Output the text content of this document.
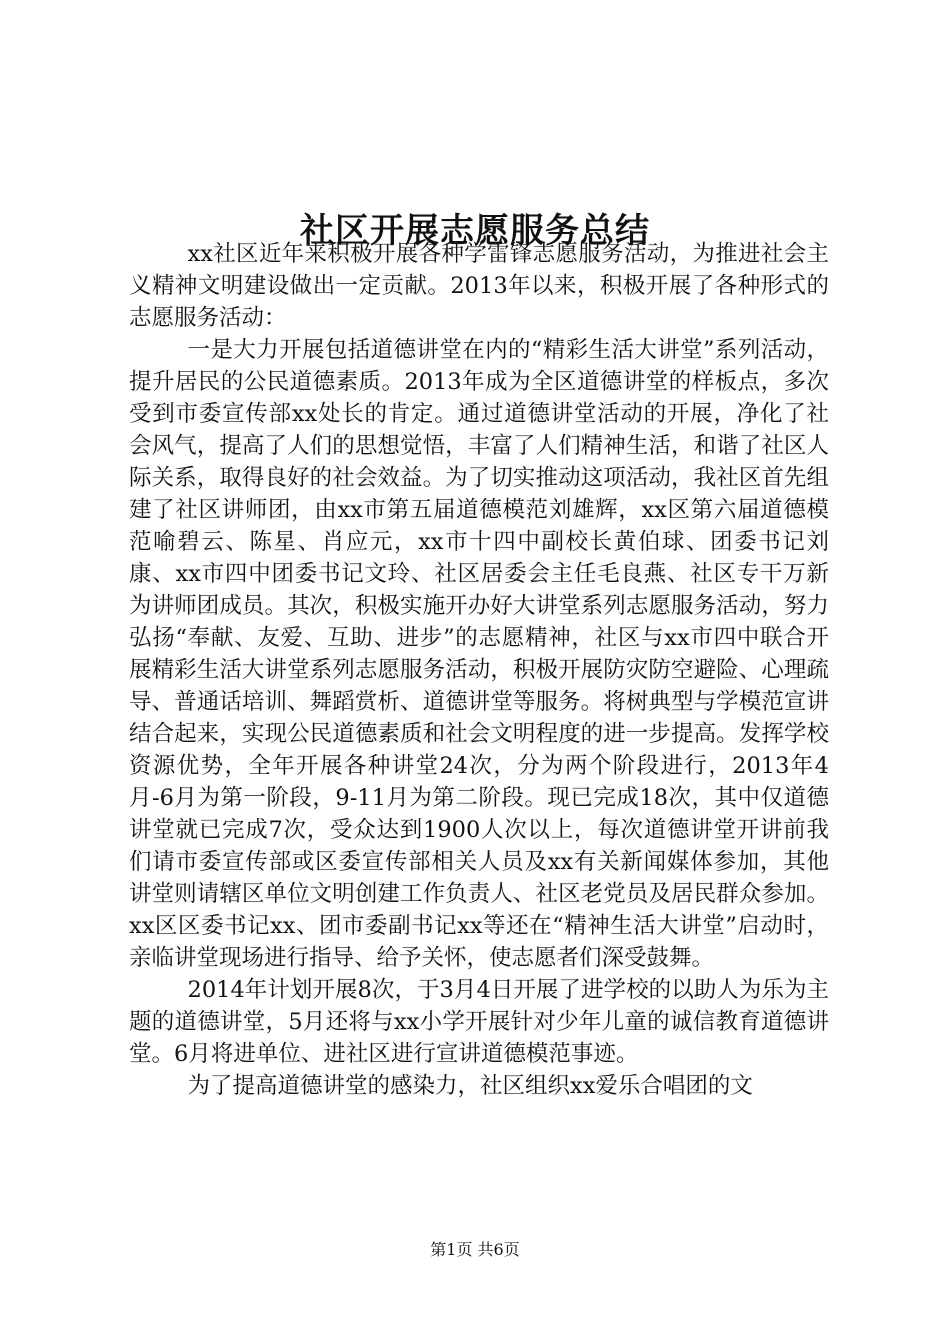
社区开展志愿服务总结

xx社区近年来积极开展各种学雷锋志愿服务活动，为推进社会主义精神文明建设做出一定贡献。2013年以来，积极开展了各种形式的志愿服务活动：

一是大力开展包括道德讲堂在内的“精彩生活大讲堂”系列活动，提升居民的公民道德素质。2013年成为全区道德讲堂的样板点，多次受到市委宣传部xx处长的肯定。通过道德讲堂活动的开展，净化了社会风气，提高了人们的思想觉悟，丰富了人们精神生活，和谐了社区人际关系，取得良好的社会效益。为了切实推动这项活动，我社区首先组建了社区讲师团，由xx市第五届道德模范刘雄辉，xx区第六届道德模范喻碧云、陈星、肖应元，xx市十四中副校长黄伯球、团委书记刘康、xx市四中团委书记文玲、社区居委会主任毛良燕、社区专干万新为讲师团成员。其次，积极实施开办好大讲堂系列志愿服务活动，努力弘扬“奉献、友爱、互助、进步”的志愿精神，社区与xx市四中联合开展精彩生活大讲堂系列志愿服务活动，积极开展防灾防空避险、心理疏导、普通话培训、舞蹈赏析、道德讲堂等服务。将树典型与学模范宣讲结合起来，实现公民道德素质和社会文明程度的进一步提高。发挥学校资源优势，全年开展各种讲堂24次，分为两个阶段进行，2013年4月-6月为第一阶段，9-11月为第二阶段。现已完成18次，其中仅道德讲堂就已完成7次，受众达到1900人次以上，每次道德讲堂开讲前我们请市委宣传部或区委宣传部相关人员及xx有关新闻媒体参加，其他讲堂则请辖区单位文明创建工作负责人、社区老党员及居民群众参加。xx区区委书记xx、团市委副书记xx等还在“精神生活大讲堂”启动时，亲临讲堂现场进行指导、给予关怀，使志愿者们深受鼓舞。

2014年计划开展8次，于3月4日开展了进学校的以助人为乐为主题的道德讲堂，5月还将与xx小学开展针对少年儿童的诚信教育道德讲堂。6月将进单位、进社区进行宣讲道德模范事迹。

为了提高道德讲堂的感染力，社区组织xx爱乐合唱团的文

第1页 共6页
